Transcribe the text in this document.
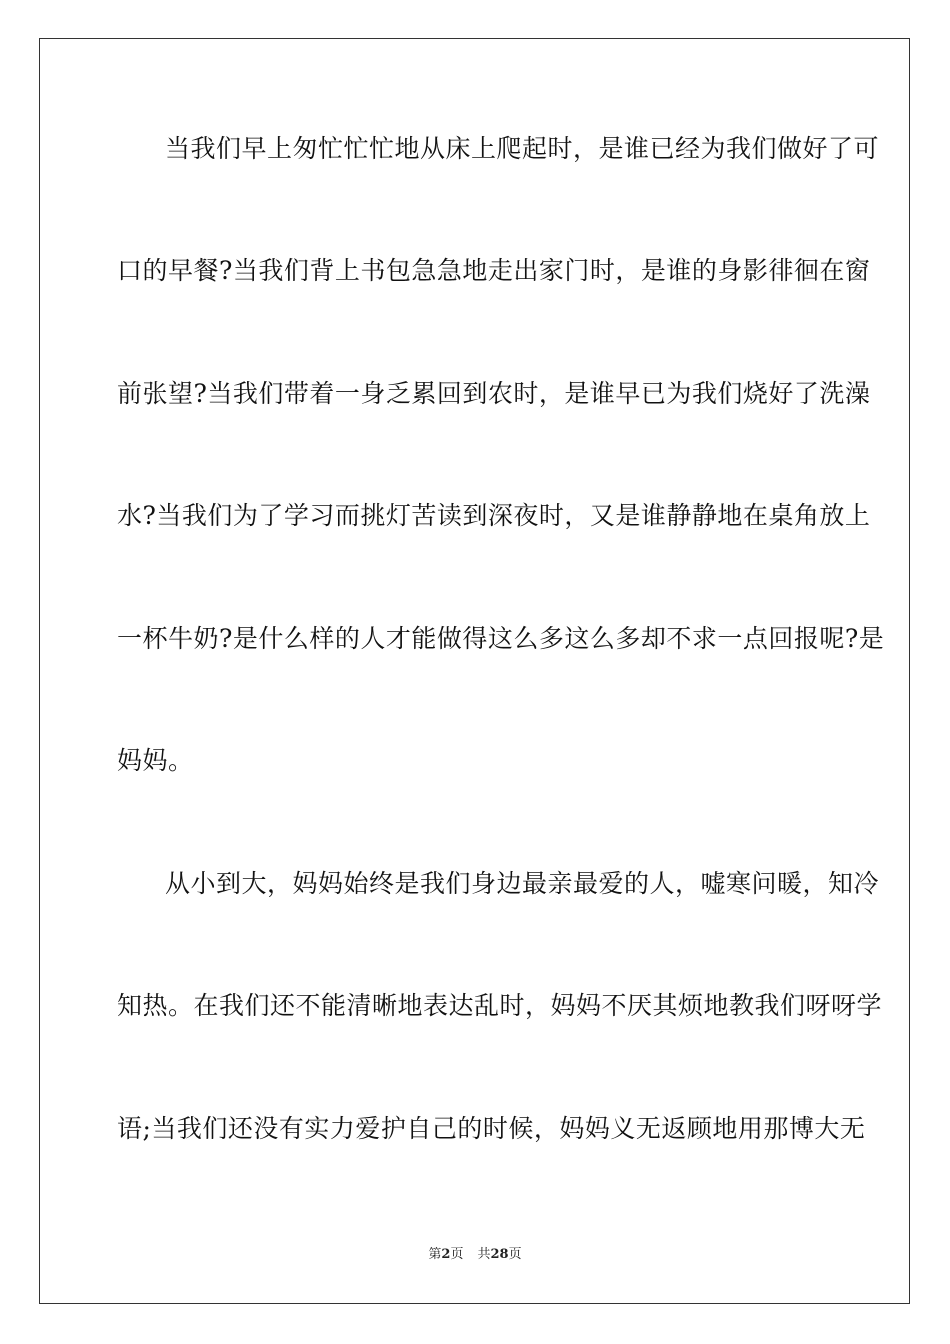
当我们早上匆忙忙忙地从床上爬起时，是谁已经为我们做好了可
口的早餐?当我们背上书包急急地走出家门时，是谁的身影徘徊在窗
前张望?当我们带着一身乏累回到农时，是谁早已为我们烧好了洗澡
水?当我们为了学习而挑灯苦读到深夜时，又是谁静静地在桌角放上
一杯牛奶?是什么样的人才能做得这么多这么多却不求一点回报呢?是
妈妈。
从小到大，妈妈始终是我们身边最亲最爱的人，嘘寒问暖，知冷
知热。在我们还不能清晰地表达乱时，妈妈不厌其烦地教我们呀呀学
语;当我们还没有实力爱护自己的时候，妈妈义无返顾地用那博大无
第2页 共28页
